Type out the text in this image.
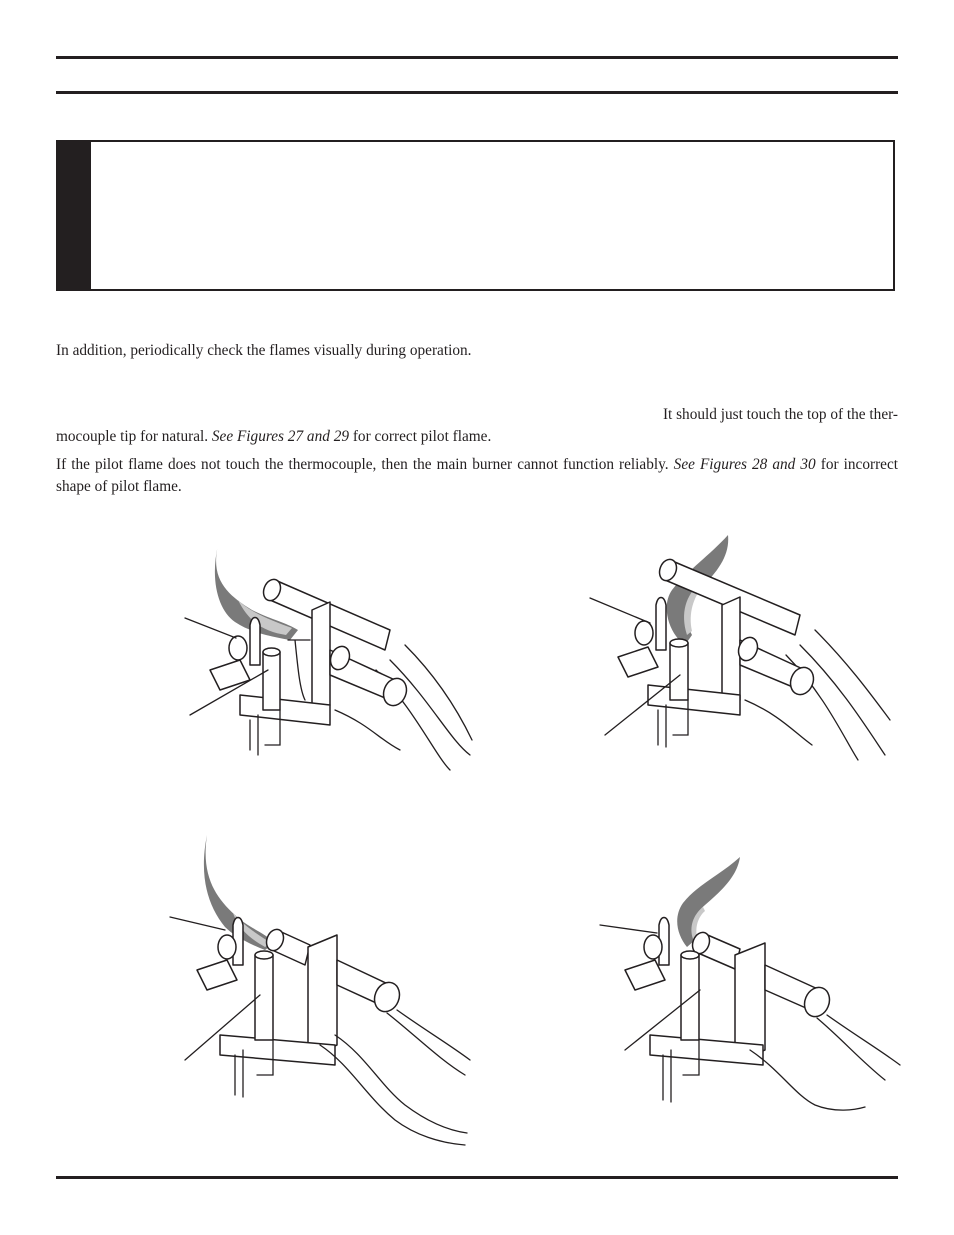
In addition, periodically check the flames visually during operation.

It should just touch the top of the ther-

mocouple tip for natural. See Figures 27 and 29 for correct pilot flame.

If the pilot flame does not touch the thermocouple, then the main burner cannot function reliably. See Figures 28 and 30 for incorrect shape of pilot flame.
